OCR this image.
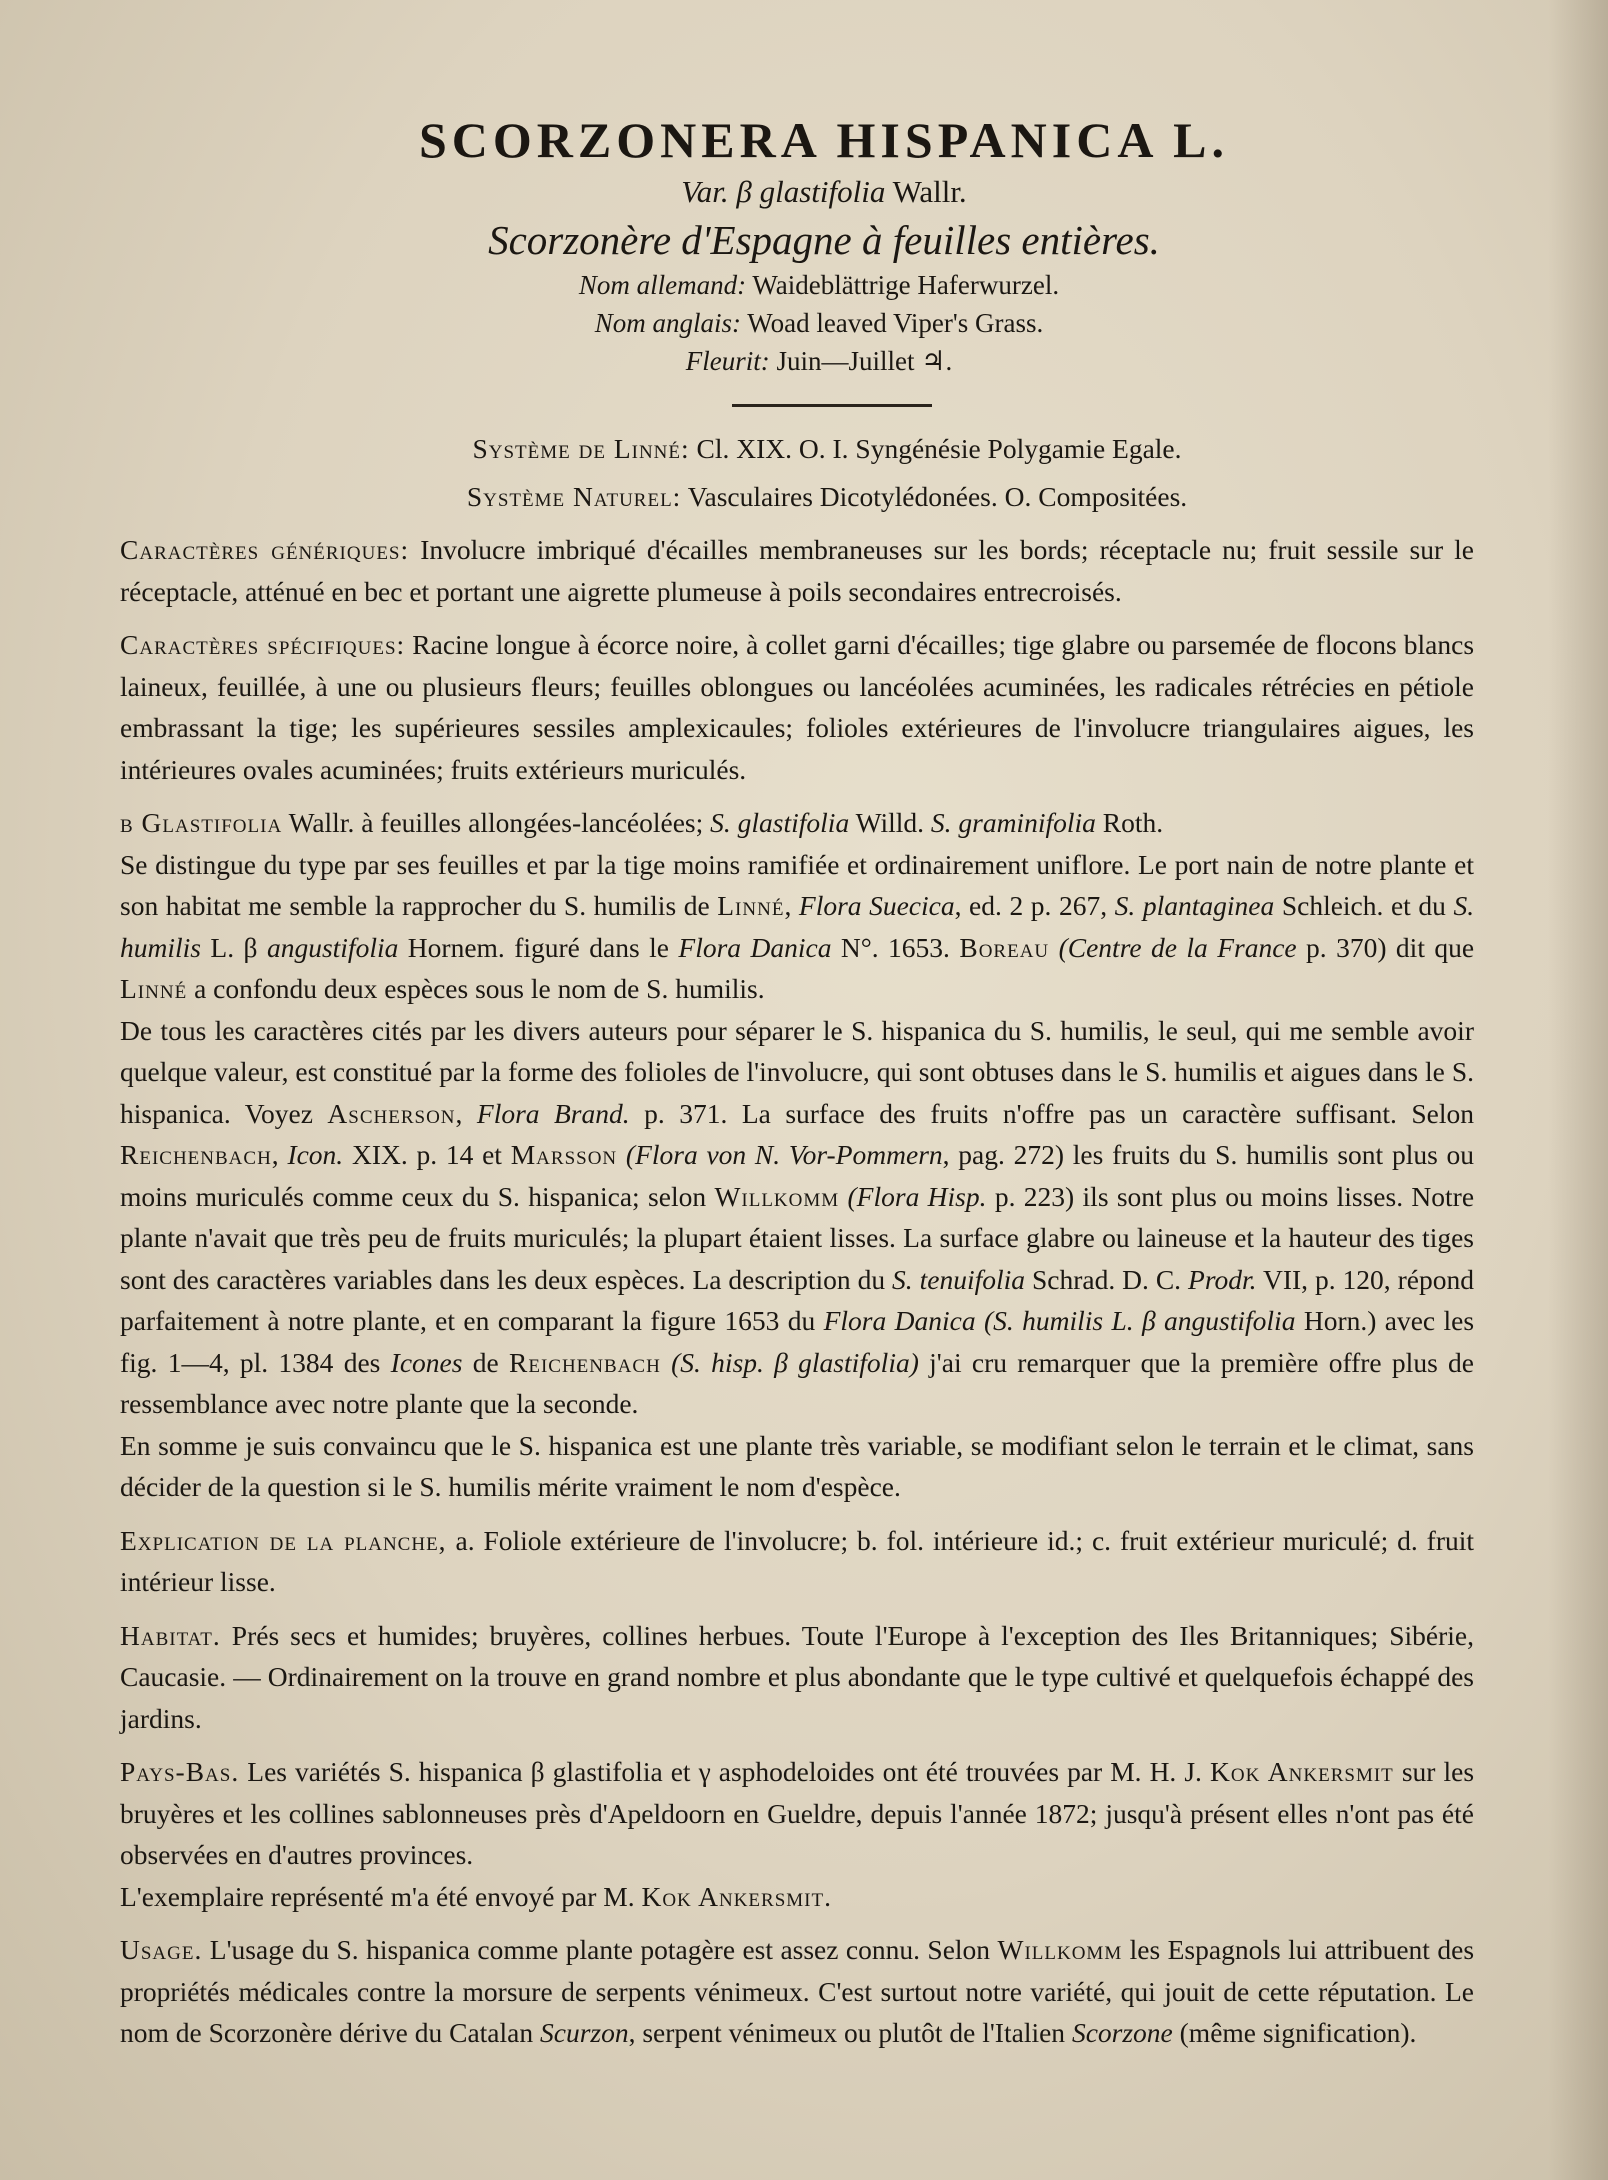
SCORZONERA HISPANICA L.
Var. β glastifolia Wallr.
Scorzonère d'Espagne à feuilles entières.
Nom allemand: Waideblättrige Haferwurzel.
Nom anglais: Woad leaved Viper's Grass.
Fleurit: Juin—Juillet ♃.

Système de Linné: Cl. XIX. O. I. Syngénésie Polygamie Egale.

Système Naturel: Vasculaires Dicotylédonées. O. Compositées.

Caractères génériques: Involucre imbriqué d'écailles membraneuses sur les bords; réceptacle nu; fruit sessile sur le réceptacle, atténué en bec et portant une aigrette plumeuse à poils secondaires entrecroisés.

Caractères spécifiques: Racine longue à écorce noire, à collet garni d'écailles; tige glabre ou parsemée de flocons blancs laineux, feuillée, à une ou plusieurs fleurs; feuilles oblongues ou lancéolées acuminées, les radicales rétrécies en pétiole embrassant la tige; les supérieures sessiles amplexicaules; folioles extérieures de l'involucre triangulaires aigues, les intérieures ovales acuminées; fruits extérieurs muriculés.

β Glastifolia Wallr. à feuilles allongées-lancéolées; S. glastifolia Willd. S. graminifolia Roth.

Se distingue du type par ses feuilles et par la tige moins ramifiée et ordinairement uniflore. Le port nain de notre plante et son habitat me semble la rapprocher du S. humilis de Linné, Flora Suecica, ed. 2 p. 267, S. plantaginea Schleich. et du S. humilis L. β angustifolia Hornem. figuré dans le Flora Danica N°. 1653. Boreau (Centre de la France p. 370) dit que Linné a confondu deux espèces sous le nom de S. humilis.

De tous les caractères cités par les divers auteurs pour séparer le S. hispanica du S. humilis, le seul, qui me semble avoir quelque valeur, est constitué par la forme des folioles de l'involucre, qui sont obtuses dans le S. humilis et aigues dans le S. hispanica. Voyez Ascherson, Flora Brand. p. 371. La surface des fruits n'offre pas un caractère suffisant. Selon Reichenbach, Icon. XIX. p. 14 et Marsson (Flora von N. Vor-Pommern, pag. 272) les fruits du S. humilis sont plus ou moins muriculés comme ceux du S. hispanica; selon Willkomm (Flora Hisp. p. 223) ils sont plus ou moins lisses. Notre plante n'avait que très peu de fruits muriculés; la plupart étaient lisses. La surface glabre ou laineuse et la hauteur des tiges sont des caractères variables dans les deux espèces. La description du S. tenuifolia Schrad. D. C. Prodr. VII, p. 120, répond parfaitement à notre plante, et en comparant la figure 1653 du Flora Danica (S. humilis L. β angustifolia Horn.) avec les fig. 1—4, pl. 1384 des Icones de Reichenbach (S. hisp. β glastifolia) j'ai cru remarquer que la première offre plus de ressemblance avec notre plante que la seconde.

En somme je suis convaincu que le S. hispanica est une plante très variable, se modifiant selon le terrain et le climat, sans décider de la question si le S. humilis mérite vraiment le nom d'espèce.

Explication de la planche, a. Foliole extérieure de l'involucre; b. fol. intérieure id.; c. fruit extérieur muriculé; d. fruit intérieur lisse.

Habitat. Prés secs et humides; bruyères, collines herbues. Toute l'Europe à l'exception des Iles Britanniques; Sibérie, Caucasie. — Ordinairement on la trouve en grand nombre et plus abondante que le type cultivé et quelquefois échappé des jardins.

Pays-Bas. Les variétés S. hispanica β glastifolia et γ asphodeloides ont été trouvées par M. H. J. Kok Ankersmit sur les bruyères et les collines sablonneuses près d'Apeldoorn en Gueldre, depuis l'année 1872; jusqu'à présent elles n'ont pas été observées en d'autres provinces.

L'exemplaire représenté m'a été envoyé par M. Kok Ankersmit.

Usage. L'usage du S. hispanica comme plante potagère est assez connu. Selon Willkomm les Espagnols lui attribuent des propriétés médicales contre la morsure de serpents vénimeux. C'est surtout notre variété, qui jouit de cette réputation. Le nom de Scorzonère dérive du Catalan Scurzon, serpent vénimeux ou plutôt de l'Italien Scorzone (même signification).
